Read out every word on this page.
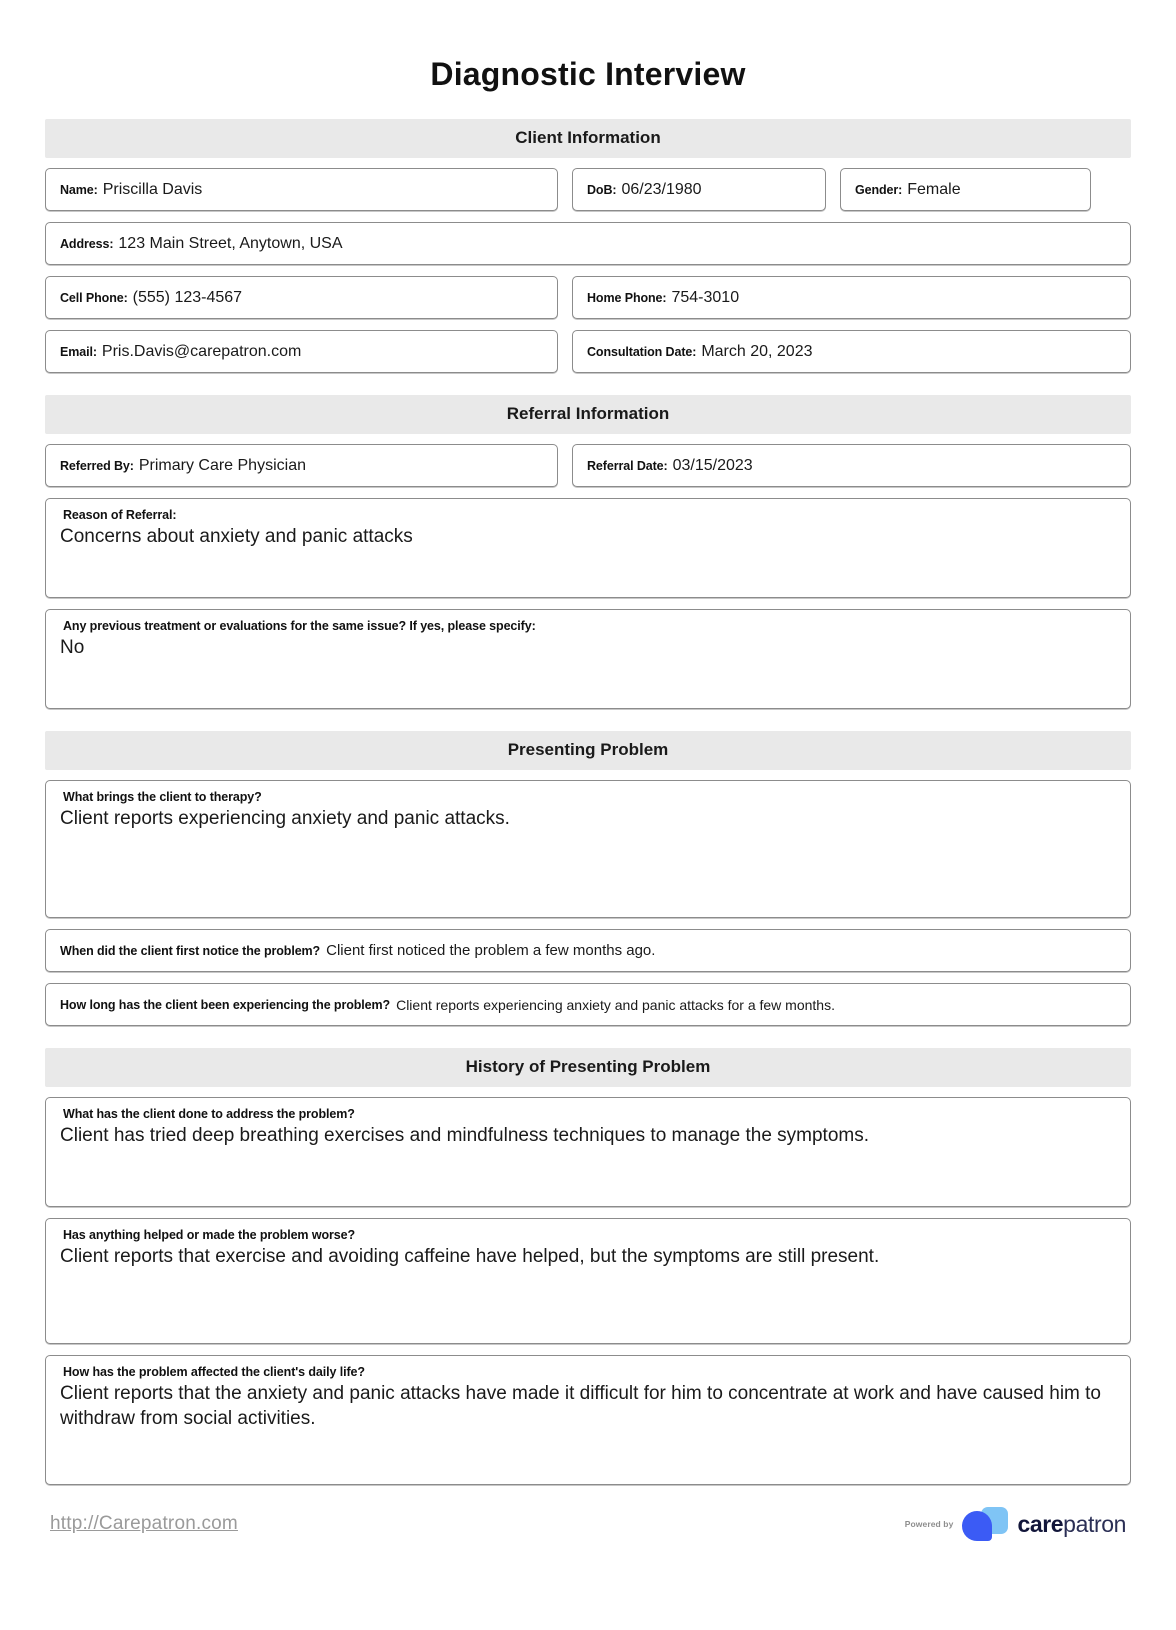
Diagnostic Interview
Client Information
Name: Priscilla Davis	DoB: 06/23/1980	Gender: Female
Address: 123 Main Street, Anytown, USA
Cell Phone: (555) 123-4567	Home Phone: 754-3010
Email: Pris.Davis@carepatron.com	Consultation Date: March 20, 2023
Referral Information
Referred By: Primary Care Physician	Referral Date: 03/15/2023
Reason of Referral:
Concerns about anxiety and panic attacks
Any previous treatment or evaluations for the same issue? If yes, please specify:
No
Presenting Problem
What brings the client to therapy?
Client reports experiencing anxiety and panic attacks.
When did the client first notice the problem? Client first noticed the problem a few months ago.
How long has the client been experiencing the problem? Client reports experiencing anxiety and panic attacks for a few months.
History of Presenting Problem
What has the client done to address the problem?
Client has tried deep breathing exercises and mindfulness techniques to manage the symptoms.
Has anything helped or made the problem worse?
Client reports that exercise and avoiding caffeine have helped, but the symptoms are still present.
How has the problem affected the client's daily life?
Client reports that the anxiety and panic attacks have made it difficult for him to concentrate at work and have caused him to withdraw from social activities.
http://Carepatron.com	Powered by	carepatron
